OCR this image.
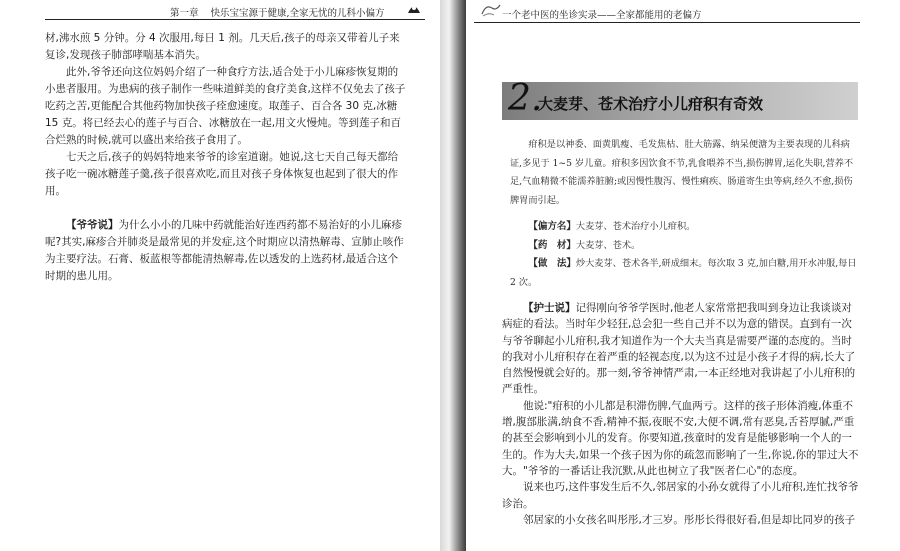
第一章 快乐宝宝源于健康,全家无忧的儿科小偏方

材,沸水煎 5 分钟。分 4 次服用,每日 1 剂。几天后,孩子的母亲又带着儿子来复诊,发现孩子肺部哮喘基本消失。

此外,爷爷还向这位妈妈介绍了一种食疗方法,适合处于小儿麻疹恢复期的小患者服用。为患病的孩子制作一些味道鲜美的食疗美食,这样不仅免去了孩子吃药之苦,更能配合其他药物加快孩子痊愈速度。取莲子、百合各 30 克,冰糖 15 克。将已经去心的莲子与百合、冰糖放在一起,用文火慢炖。等到莲子和百合烂熟的时候,就可以盛出来给孩子食用了。

七天之后,孩子的妈妈特地来爷爷的诊室道谢。她说,这七天自己每天都给孩子吃一碗冰糖莲子羹,孩子很喜欢吃,而且对孩子身体恢复也起到了很大的作用。

【爷爷说】为什么小小的几味中药就能治好连西药都不易治好的小儿麻疹呢?其实,麻疹合并肺炎是最常见的并发症,这个时期应以清热解毒、宣肺止咳作为主要疗法。石膏、板蓝根等都能清热解毒,佐以透发的上选药材,最适合这个时期的患儿用。

一个老中医的坐诊实录——全家都能用的老偏方
2.
大麦芽、苍术治疗小儿疳积有奇效

疳积是以神委、面黄肌瘦、毛发焦枯、肚大筋露、纳呆便溏为主要表现的儿科病证,多见于 1~5 岁儿童。疳积多因饮食不节,乳食喂养不当,损伤脾胃,运化失职,营养不足,气血精微不能濡养脏腑;或因慢性腹泻、慢性痢疾、肠道寄生虫等病,经久不愈,损伤脾胃而引起。

【偏方名】大麦芽、苍术治疗小儿疳积。

【药　材】大麦芽、苍术。

【做　法】炒大麦芽、苍术各半,研成细末。每次取 3 克,加白糖,用开水冲服,每日 2 次。

【护士说】记得刚向爷爷学医时,他老人家常常把我叫到身边让我谈谈对病症的看法。当时年少轻狂,总会犯一些自己并不以为意的错误。直到有一次与爷爷聊起小儿疳积,我才知道作为一个大夫当真是需要严谨的态度的。当时的我对小儿疳积存在着严重的轻视态度,以为这不过是小孩子才得的病,长大了自然慢慢就会好的。那一刻,爷爷神情严肃,一本正经地对我讲起了小儿疳积的严重性。

他说:"疳积的小儿都是积滞伤脾,气血两亏。这样的孩子形体消瘦,体重不增,腹部胀满,纳食不香,精神不振,夜眠不安,大便不调,常有恶臭,舌苔厚腻,严重的甚至会影响到小儿的发育。你要知道,孩童时的发育是能够影响一个人的一生的。作为大夫,如果一个孩子因为你的疏忽而影响了一生,你说,你的罪过大不大。"爷爷的一番话让我沉默,从此也树立了我"医者仁心"的态度。

说来也巧,这件事发生后不久,邻居家的小孙女就得了小儿疳积,连忙找爷爷诊治。

邻居家的小女孩名叫彤彤,才三岁。彤彤长得很好看,但是却比同岁的孩子
